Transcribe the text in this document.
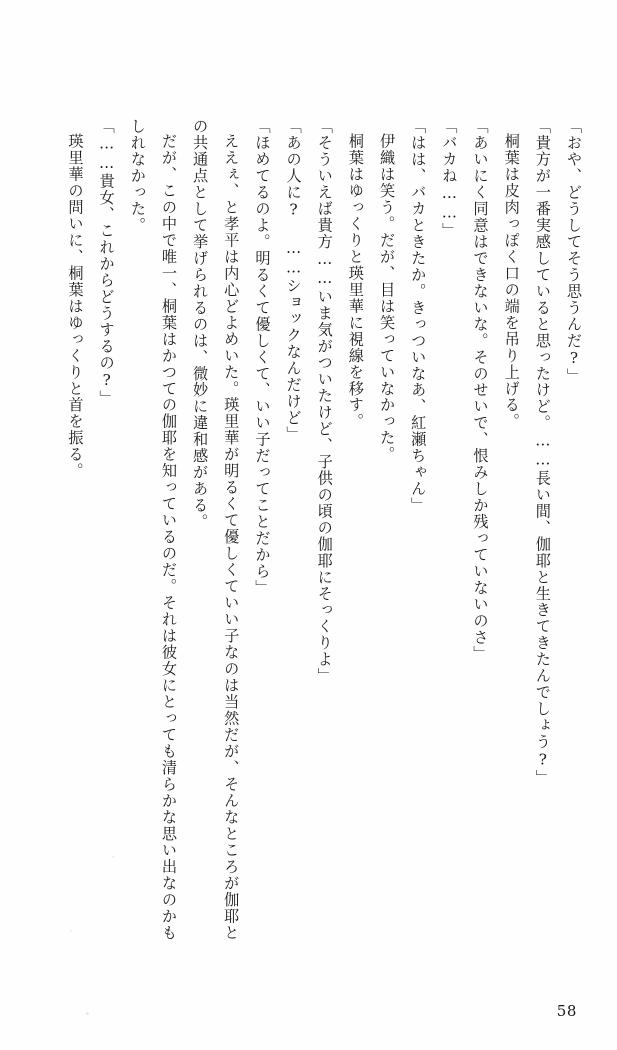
「おや、どうしてそう思うんだ?」

「貴方が一番実感していると思ったけど。……長い間、伽耶と生きてきたんでしょう?」

桐葉は皮肉っぽく口の端を吊り上げる。

「あいにく同意はできないな。そのせいで、恨みしか残っていないのさ」

「バカね……」

「はは、バカときたか。きっついなあ、紅瀬ちゃん」

伊織は笑う。だが、目は笑っていなかった。

桐葉はゆっくりと瑛里華に視線を移す。

「そういえば貴方……いま気がついたけど、子供の頃の伽耶にそっくりよ」

「あの人に? ……ショックなんだけど」

「ほめてるのよ。明るくて優しくて、いい子だってことだから」

ええぇ、と孝平は内心どよめいた。瑛里華が明るくて優しくていい子なのは当然だが、そんなところが伽耶との共通点として挙げられるのは、微妙に違和感がある。

だが、この中で唯一、桐葉はかつての伽耶を知っているのだ。それは彼女にとっても清らかな思い出なのかもしれなかった。

「……貴女、これからどうするの?」

瑛里華の問いに、桐葉はゆっくりと首を振る。

58
